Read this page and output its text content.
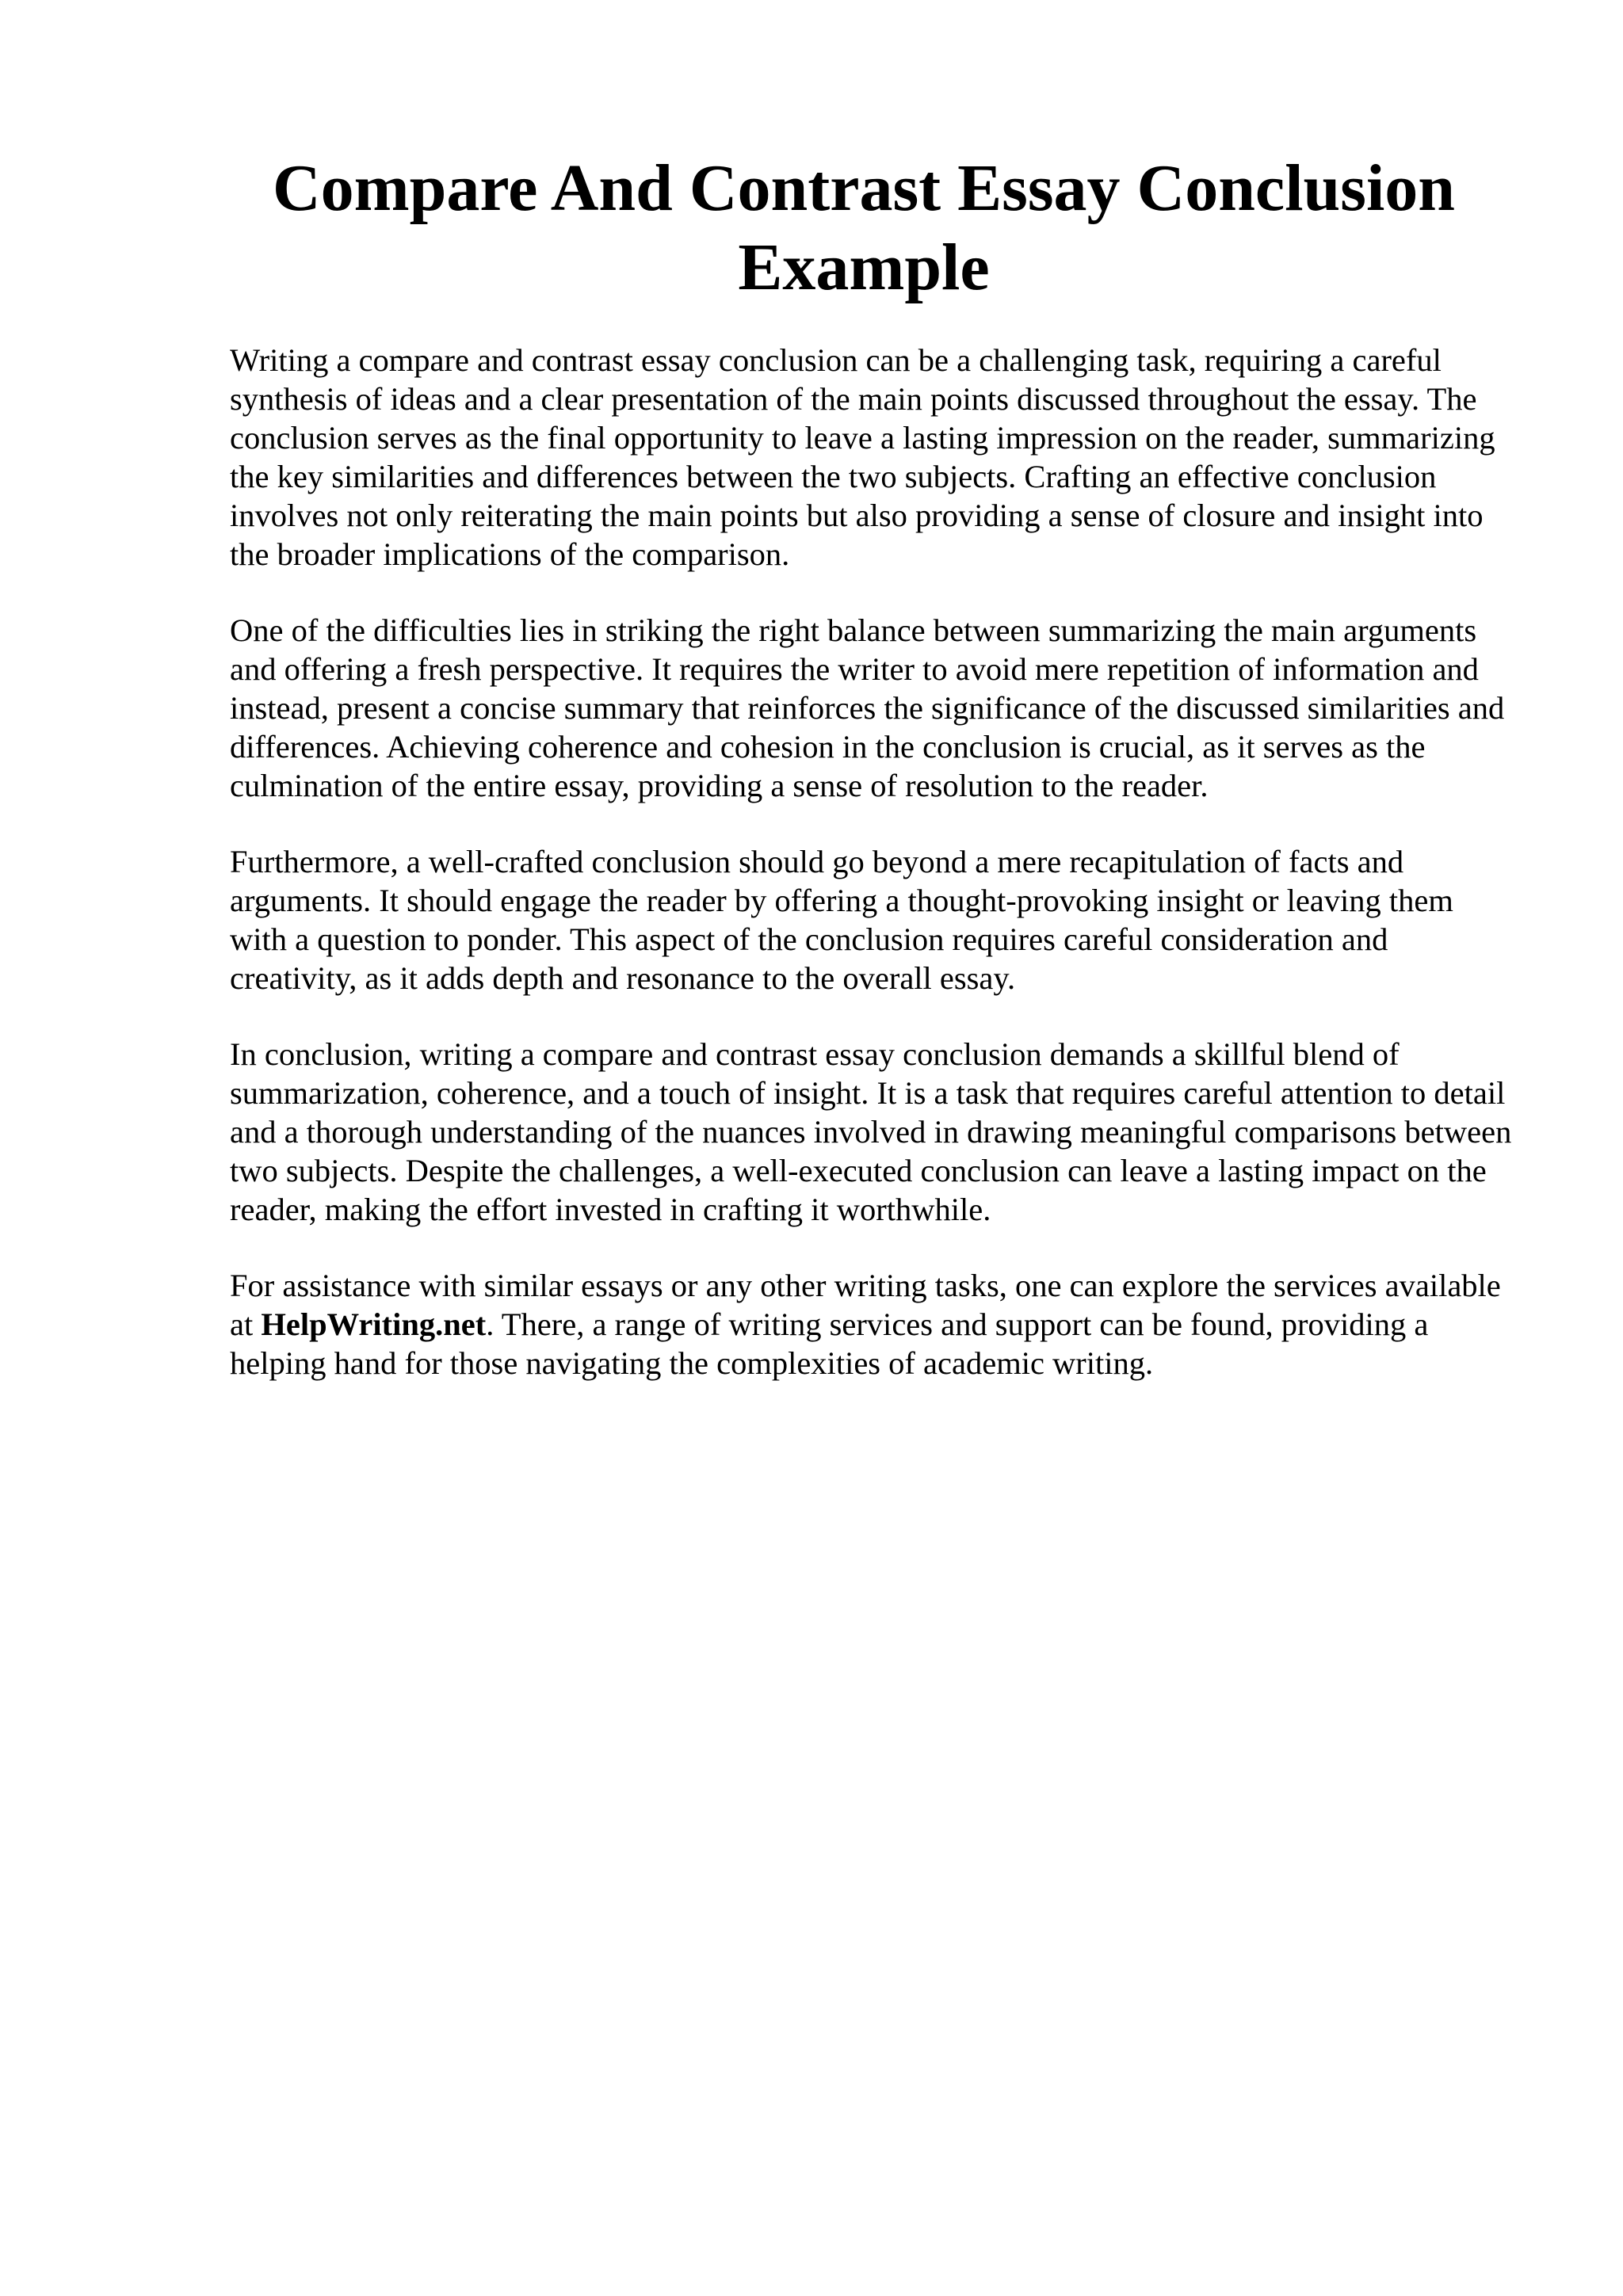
Compare And Contrast Essay Conclusion Example

Writing a compare and contrast essay conclusion can be a challenging task, requiring a careful synthesis of ideas and a clear presentation of the main points discussed throughout the essay. The conclusion serves as the final opportunity to leave a lasting impression on the reader, summarizing the key similarities and differences between the two subjects. Crafting an effective conclusion involves not only reiterating the main points but also providing a sense of closure and insight into the broader implications of the comparison.

One of the difficulties lies in striking the right balance between summarizing the main arguments and offering a fresh perspective. It requires the writer to avoid mere repetition of information and instead, present a concise summary that reinforces the significance of the discussed similarities and differences. Achieving coherence and cohesion in the conclusion is crucial, as it serves as the culmination of the entire essay, providing a sense of resolution to the reader.

Furthermore, a well-crafted conclusion should go beyond a mere recapitulation of facts and arguments. It should engage the reader by offering a thought-provoking insight or leaving them with a question to ponder. This aspect of the conclusion requires careful consideration and creativity, as it adds depth and resonance to the overall essay.

In conclusion, writing a compare and contrast essay conclusion demands a skillful blend of summarization, coherence, and a touch of insight. It is a task that requires careful attention to detail and a thorough understanding of the nuances involved in drawing meaningful comparisons between two subjects. Despite the challenges, a well-executed conclusion can leave a lasting impact on the reader, making the effort invested in crafting it worthwhile.

For assistance with similar essays or any other writing tasks, one can explore the services available at HelpWriting.net. There, a range of writing services and support can be found, providing a helping hand for those navigating the complexities of academic writing.
